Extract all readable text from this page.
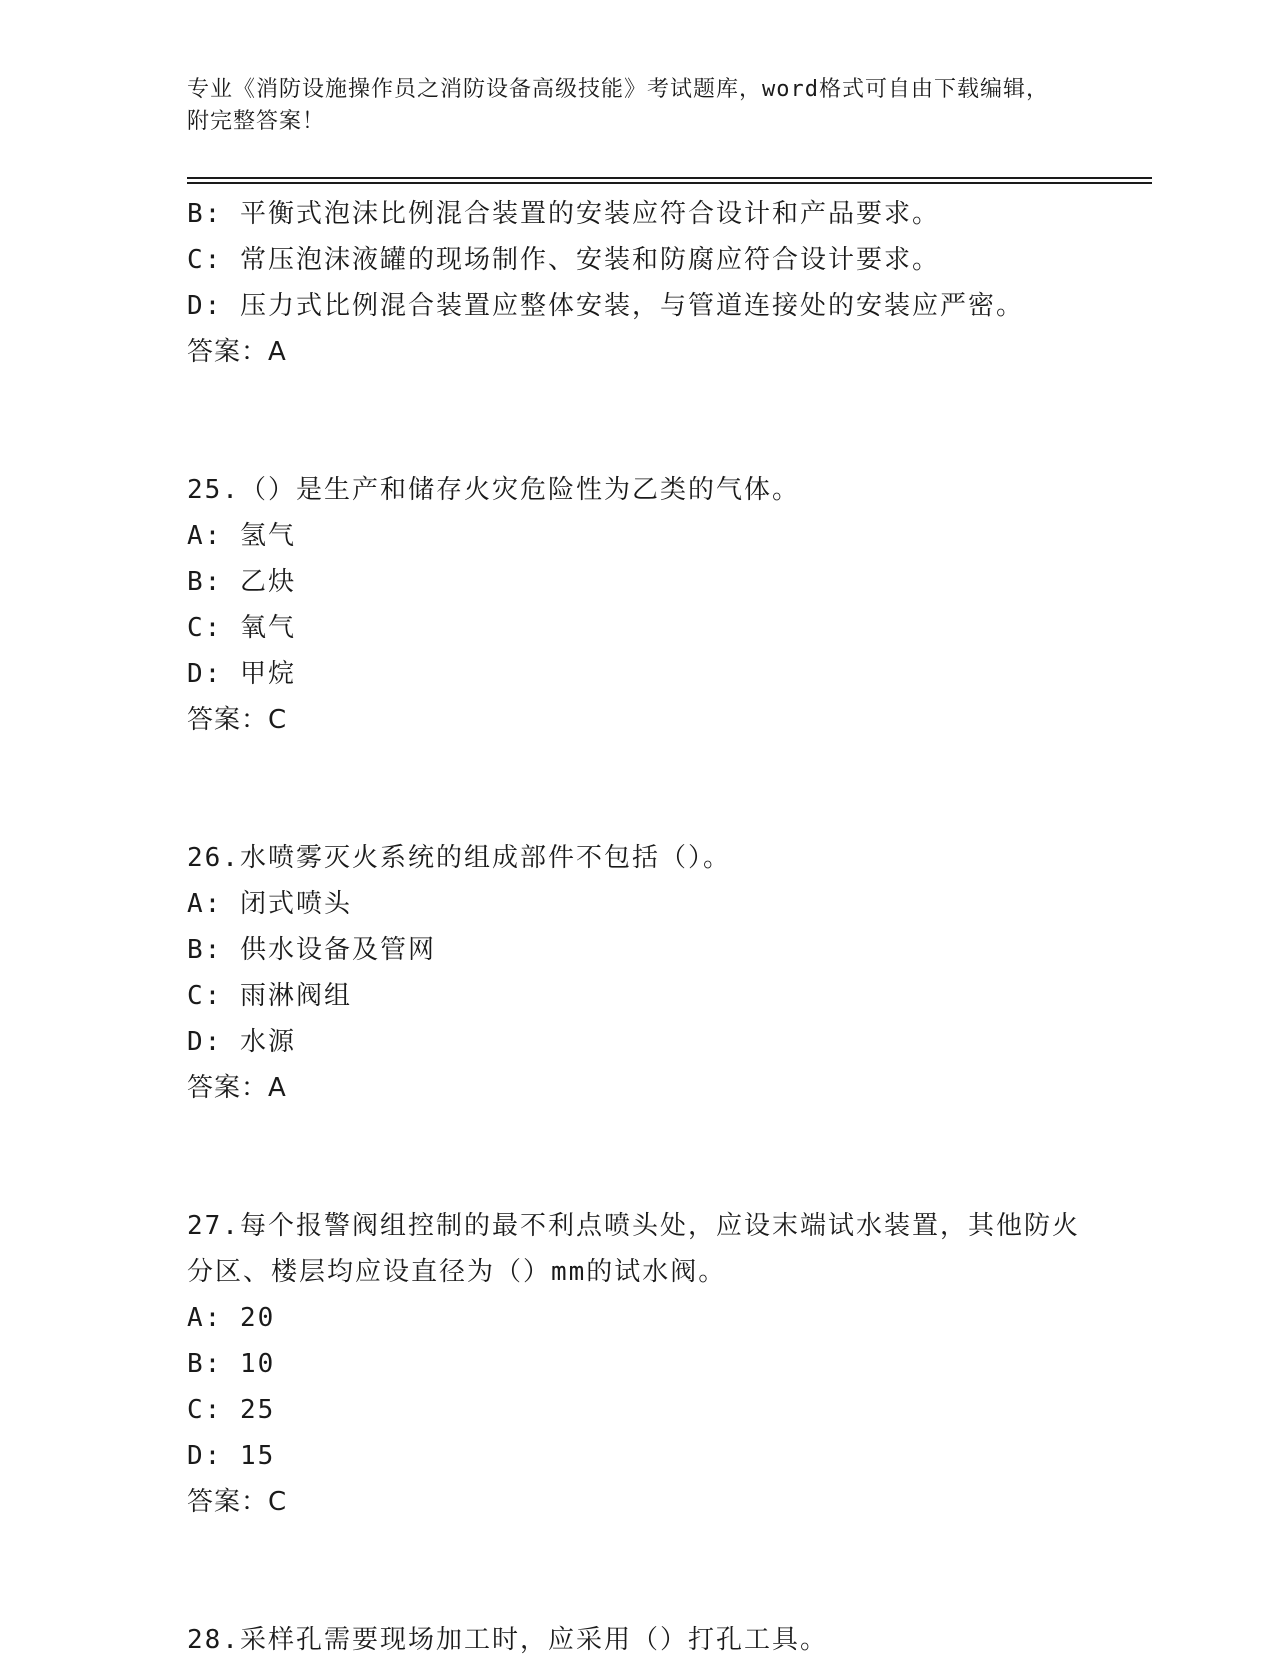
专业《消防设施操作员之消防设备高级技能》考试题库，word格式可自由下载编辑，附完整答案！
B: 平衡式泡沫比例混合装置的安装应符合设计和产品要求。
C: 常压泡沫液罐的现场制作、安装和防腐应符合设计要求。
D: 压力式比例混合装置应整体安装，与管道连接处的安装应严密。
答案：A
25.（）是生产和储存火灾危险性为乙类的气体。
A: 氢气
B: 乙炔
C: 氧气
D: 甲烷
答案：C
26.水喷雾灭火系统的组成部件不包括（）。
A: 闭式喷头
B: 供水设备及管网
C: 雨淋阀组
D: 水源
答案：A
27.每个报警阀组控制的最不利点喷头处，应设末端试水装置，其他防火分区、楼层均应设直径为（）mm的试水阀。
A: 20
B: 10
C: 25
D: 15
答案：C
28.采样孔需要现场加工时，应采用（）打孔工具。
